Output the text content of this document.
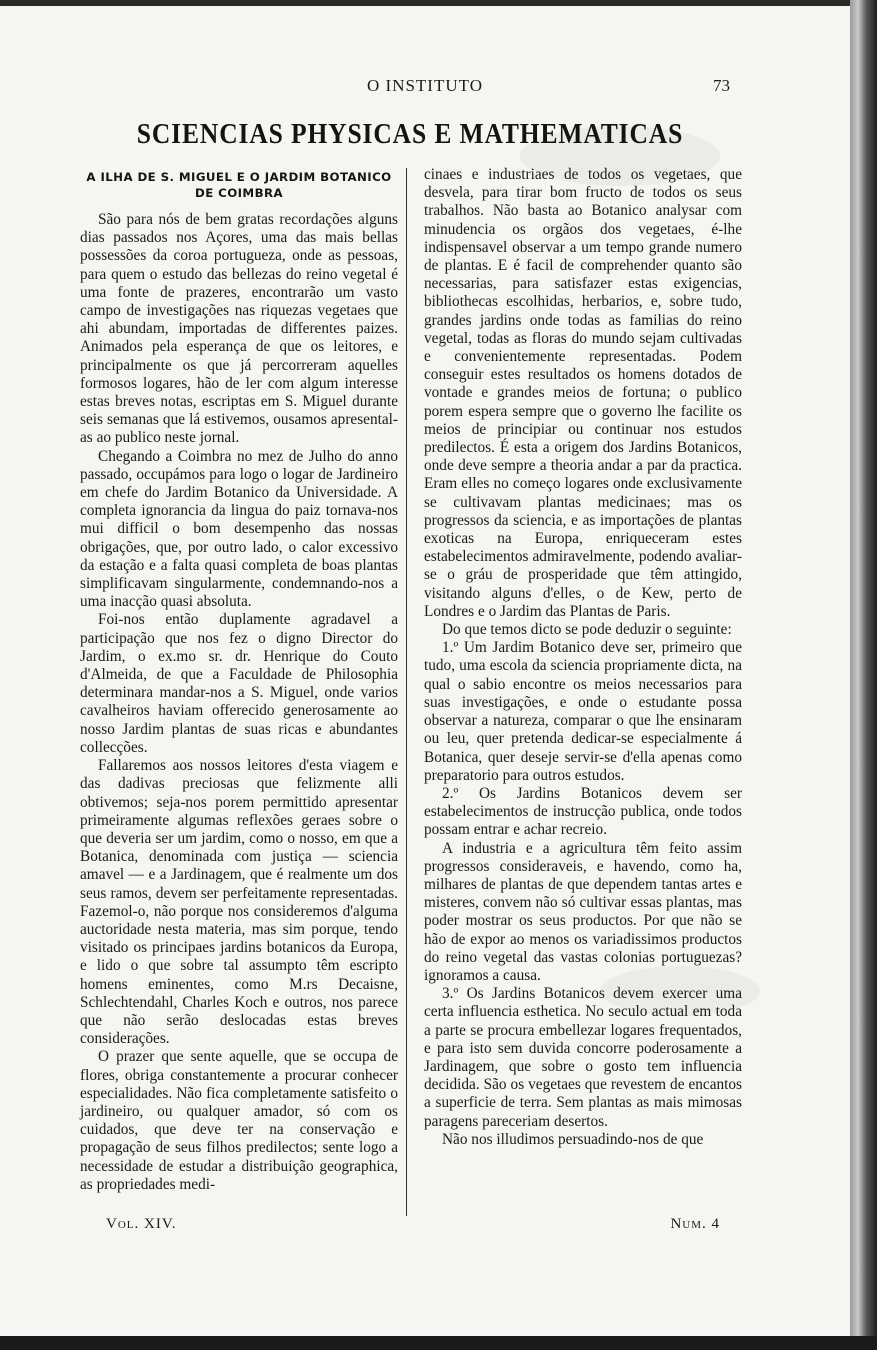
O INSTITUTO	73
SCIENCIAS PHYSICAS E MATHEMATICAS
A ILHA DE S. MIGUEL E O JARDIM BOTANICO
DE COIMBRA

São para nós de bem gratas recordações alguns dias passados nos Açores, uma das mais bellas possessões da coroa portugueza, onde as pessoas, para quem o estudo das bellezas do reino vegetal é uma fonte de prazeres, encontrarão um vasto campo de investigações nas riquezas vegetaes que ahi abundam, importadas de differentes paizes. Animados pela esperança de que os leitores, e principalmente os que já percorreram aquelles formosos logares, hão de ler com algum interesse estas breves notas, escriptas em S. Miguel durante seis semanas que lá estivemos, ousamos apresental-as ao publico neste jornal.

Chegando a Coimbra no mez de Julho do anno passado, occupámos para logo o logar de Jardineiro em chefe do Jardim Botanico da Universidade. A completa ignorancia da lingua do paiz tornava-nos mui difficil o bom desempenho das nossas obrigações, que, por outro lado, o calor excessivo da estação e a falta quasi completa de boas plantas simplificavam singularmente, condemnando-nos a uma inacção quasi absoluta.

Foi-nos então duplamente agradavel a participação que nos fez o digno Director do Jardim, o ex.mo sr. dr. Henrique do Couto d'Almeida, de que a Faculdade de Philosophia determinara mandar-nos a S. Miguel, onde varios cavalheiros haviam offerecido generosamente ao nosso Jardim plantas de suas ricas e abundantes collecções.

Fallaremos aos nossos leitores d'esta viagem e das dadivas preciosas que felizmente alli obtivemos; seja-nos porem permittido apresentar primeiramente algumas reflexões geraes sobre o que deveria ser um jardim, como o nosso, em que a Botanica, denominada com justiça — sciencia amavel — e a Jardinagem, que é realmente um dos seus ramos, devem ser perfeitamente representadas. Fazemol-o, não porque nos consideremos d'alguma auctoridade nesta materia, mas sim porque, tendo visitado os principaes jardins botanicos da Europa, e lido o que sobre tal assumpto têm escripto homens eminentes, como M.rs Decaisne, Schlechtendahl, Charles Koch e outros, nos parece que não serão deslocadas estas breves considerações.

O prazer que sente aquelle, que se occupa de flores, obriga constantemente a procurar conhecer especialidades. Não fica completamente satisfeito o jardineiro, ou qualquer amador, só com os cuidados, que deve ter na conservação e propagação de seus filhos predilectos; sente logo a necessidade de estudar a distribuição geographica, as propriedades medi-

cinaes e industriaes de todos os vegetaes, que desvela, para tirar bom fructo de todos os seus trabalhos. Não basta ao Botanico analysar com minudencia os orgãos dos vegetaes, é-lhe indispensavel observar a um tempo grande numero de plantas. E é facil de comprehender quanto são necessarias, para satisfazer estas exigencias, bibliothecas escolhidas, herbarios, e, sobre tudo, grandes jardins onde todas as familias do reino vegetal, todas as floras do mundo sejam cultivadas e convenientemente representadas. Podem conseguir estes resultados os homens dotados de vontade e grandes meios de fortuna; o publico porem espera sempre que o governo lhe facilite os meios de principiar ou continuar nos estudos predilectos. É esta a origem dos Jardins Botanicos, onde deve sempre a theoria andar a par da practica. Eram elles no começo logares onde exclusivamente se cultivavam plantas medicinaes; mas os progressos da sciencia, e as importações de plantas exoticas na Europa, enriqueceram estes estabelecimentos admiravelmente, podendo avaliar-se o gráu de prosperidade que têm attingido, visitando alguns d'elles, o de Kew, perto de Londres e o Jardim das Plantas de Paris.

Do que temos dicto se pode deduzir o seguinte:

1.º Um Jardim Botanico deve ser, primeiro que tudo, uma escola da sciencia propriamente dicta, na qual o sabio encontre os meios necessarios para suas investigações, e onde o estudante possa observar a natureza, comparar o que lhe ensinaram ou leu, quer pretenda dedicar-se especialmente á Botanica, quer deseje servir-se d'ella apenas como preparatorio para outros estudos.

2.º Os Jardins Botanicos devem ser estabelecimentos de instrucção publica, onde todos possam entrar e achar recreio.

A industria e a agricultura têm feito assim progressos consideraveis, e havendo, como ha, milhares de plantas de que dependem tantas artes e misteres, convem não só cultivar essas plantas, mas poder mostrar os seus productos. Por que não se hão de expor ao menos os variadissimos productos do reino vegetal das vastas colonias portuguezas? ignoramos a causa.

3.º Os Jardins Botanicos devem exercer uma certa influencia esthetica. No seculo actual em toda a parte se procura embellezar logares frequentados, e para isto sem duvida concorre poderosamente a Jardinagem, que sobre o gosto tem influencia decidida. São os vegetaes que revestem de encantos a superficie de terra. Sem plantas as mais mimosas paragens pareceriam desertos.

Não nos illudimos persuadindo-nos de que

Vol. XIV.	Num. 4
